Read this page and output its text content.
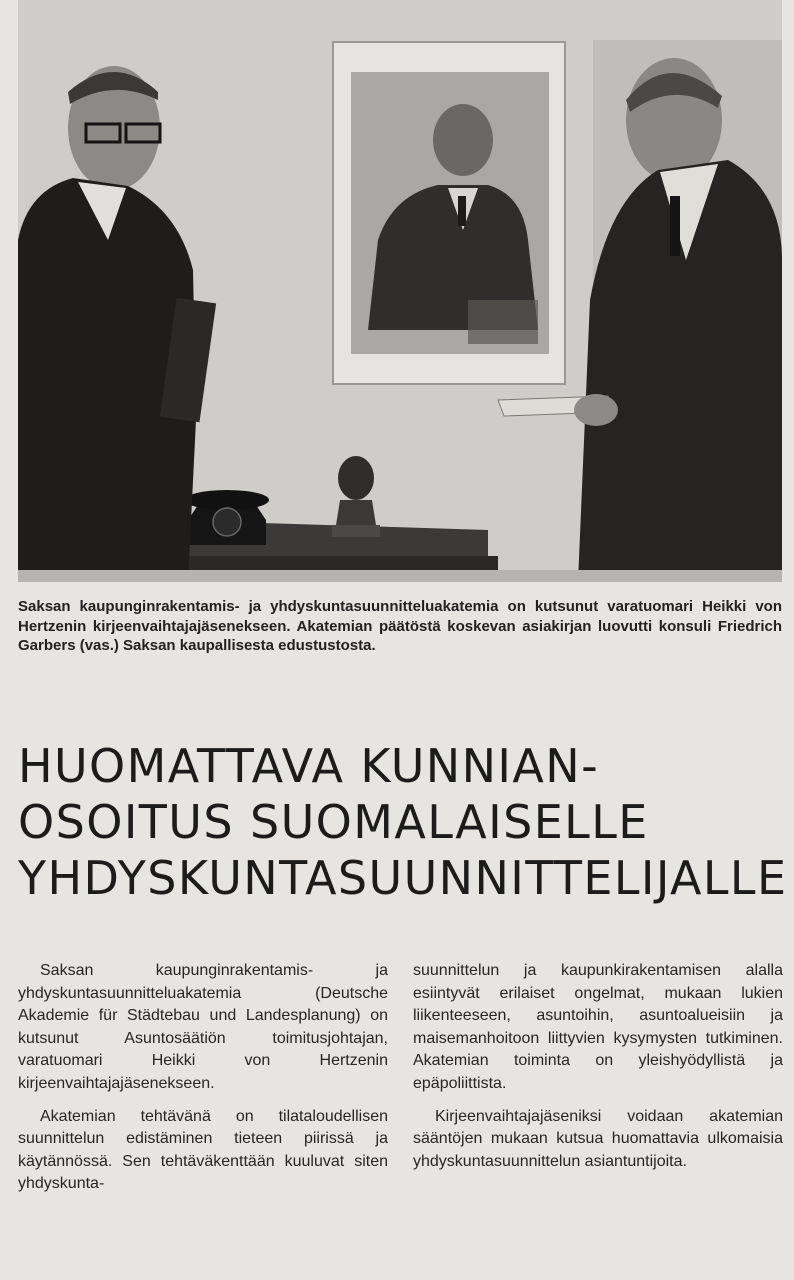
Saksan kaupunginrakentamis- ja yhdyskuntasuunnitteluakatemia on kutsunut varatuomari Heikki von Hertzenin kirjeenvaihtajajäsenekseen. Akatemian päätöstä koskevan asiakirjan luovutti konsuli Friedrich Garbers (vas.) Saksan kaupallisesta edustustosta.
HUOMATTAVA KUNNIAN-
OSOITUS SUOMALAISELLE
YHDYSKUNTASUUNNITTELIJALLE

Saksan kaupunginrakentamis- ja yhdyskuntasuunnitteluakatemia (Deutsche Akademie für Städtebau und Landesplanung) on kutsunut Asuntosäätiön toimitusjohtajan, varatuomari Heikki von Hertzenin kirjeenvaihtajajäsenekseen.

Akatemian tehtävänä on tilataloudellisen suunnittelun edistäminen tieteen piirissä ja käytännössä. Sen tehtäväkenttään kuuluvat siten yhdyskunta-

suunnittelun ja kaupunkirakentamisen alalla esiintyvät erilaiset ongelmat, mukaan lukien liikenteeseen, asuntoihin, asuntoalueisiin ja maisemanhoitoon liittyvien kysymysten tutkiminen. Akatemian toiminta on yleishyödyllistä ja epäpoliittista.

Kirjeenvaihtajajäseniksi voidaan akatemian sääntöjen mukaan kutsua huomattavia ulkomaisia yhdyskuntasuunnittelun asiantuntijoita.
